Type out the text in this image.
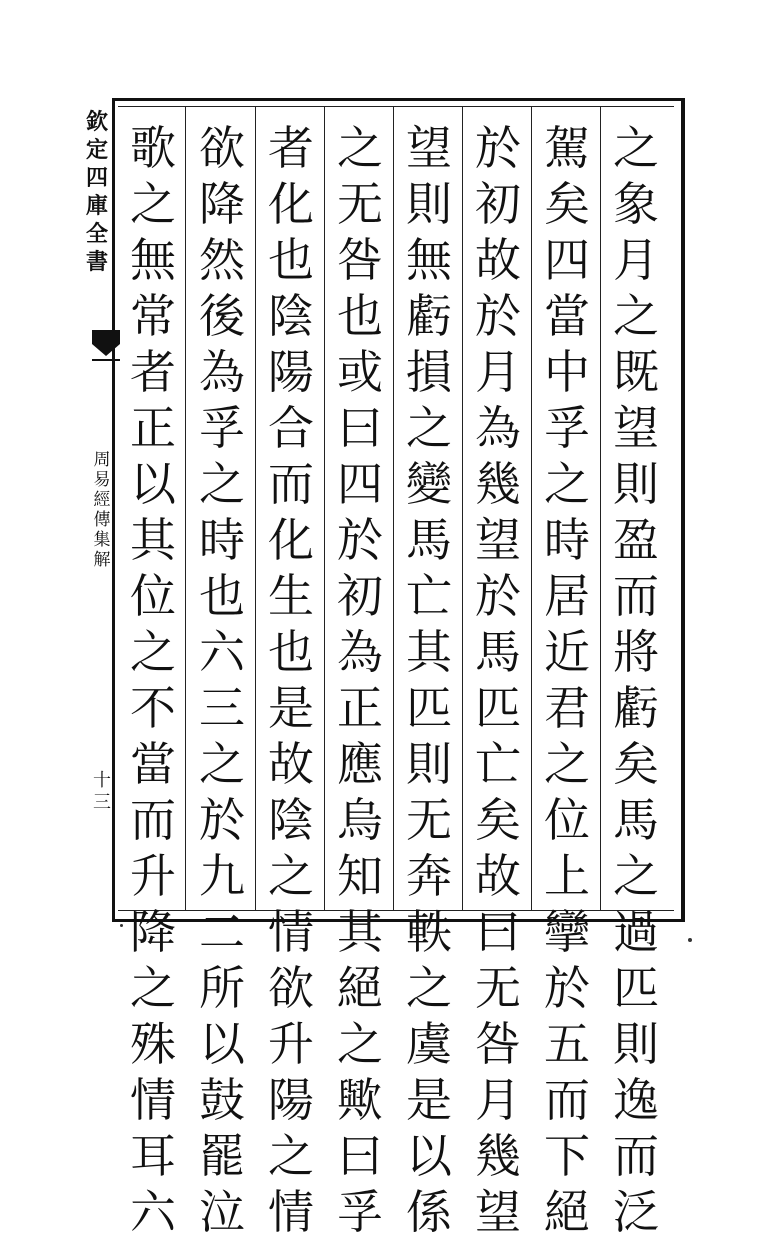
欽定四庫全書
周易經傳集解
十三
之象月之既望則盈而將虧矣馬之過匹則逸而泛
駕矣四當中孚之時居近君之位上攣於五而下絕
於初故於月為幾望於馬匹亡矣故曰无咎月幾望
望則無虧損之變馬亡其匹則无奔軼之虞是以係
之无咎也或曰四於初為正應烏知其絕之歟曰孚
者化也陰陽合而化生也是故陰之情欲升陽之情
欲降然後為孚之時也六三之於九二所以鼓罷泣
歌之無常者正以其位之不當而升降之殊情耳六
